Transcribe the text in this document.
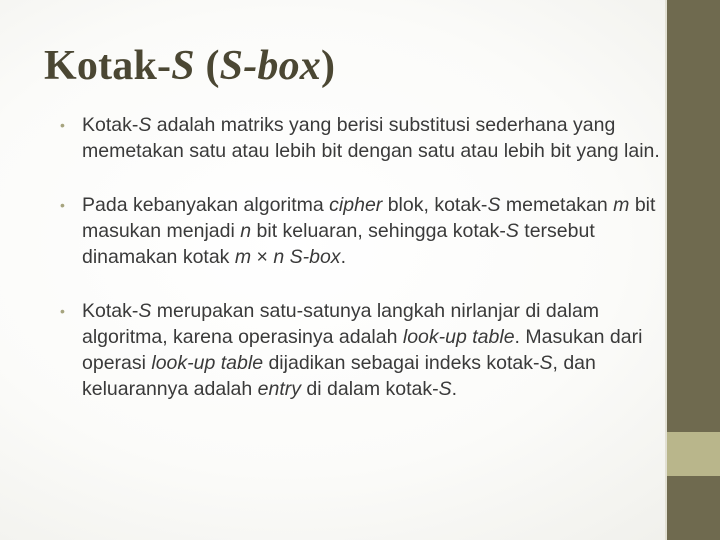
Kotak-S (S-box)
• Kotak-S adalah matriks yang berisi substitusi sederhana yang memetakan satu atau lebih bit dengan satu atau lebih bit yang lain.
• Pada kebanyakan algoritma cipher blok, kotak-S memetakan m bit masukan menjadi n bit keluaran, sehingga kotak-S tersebut dinamakan kotak m × n S-box.
• Kotak-S merupakan satu-satunya langkah nirlanjar di dalam algoritma, karena operasinya adalah look-up table. Masukan dari operasi look-up table dijadikan sebagai indeks kotak-S, dan keluarannya adalah entry di dalam kotak-S.
